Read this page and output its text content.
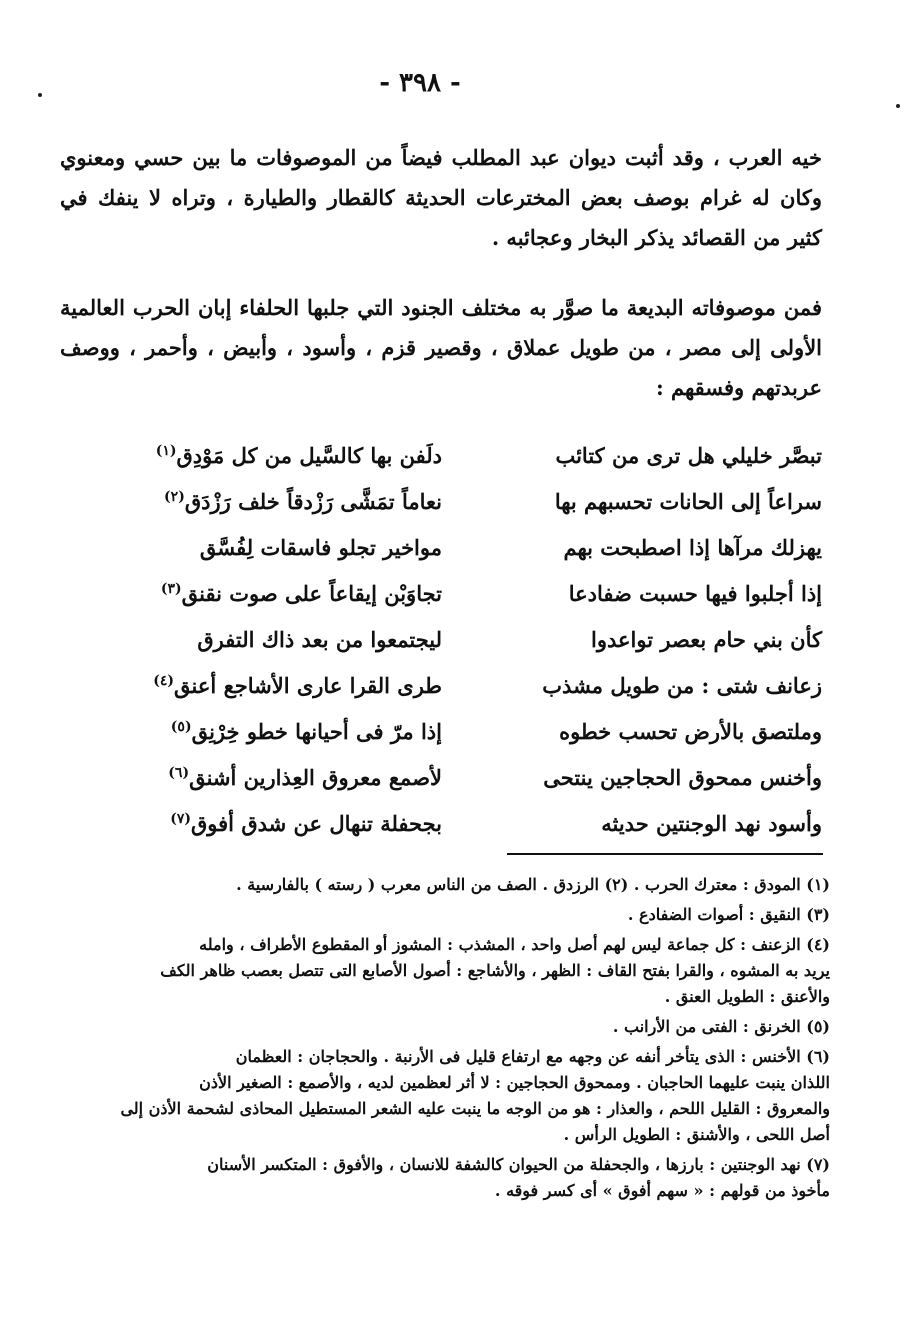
- ٣٩٨ -
خيه العرب ، وقد أثبت ديوان عبد المطلب فيضاً من الموصوفات ما بين حسي ومعنوي وكان له غرام بوصف بعض المخترعات الحديثة كالقطار والطيارة ، وتراه لا ينفك في كثير من القصائد يذكر البخار وعجائبه .
فمن موصوفاته البديعة ما صوَّر به مختلف الجنود التي جلبها الحلفاء إبان الحرب العالمية الأولى إلى مصر ، من طويل عملاق ، وقصير قزم ، وأسود ، وأبيض ، وأحمر ، ووصف عربدتهم وفسقهم :
تبصَّر خليلي هل ترى من كتائب
دلَفن بها كالسَّيل من كل مَوْدِق$^{(١)}$
سراعاً إلى الحانات تحسبهم بها
نعاماً تمَشَّى رَزْدقاً خلف رَزْدَق$^{(٢)}$
يهزلك مرآها إذا اصطبحت بهم
مواخير تجلو فاسقات لِفُسَّق
إذا أجلبوا فيها حسبت ضفادعا
تجاوَبْن إيقاعاً على صوت نقنق$^{(٣)}$
كأن بني حام بعصر تواعدوا
ليجتمعوا من بعد ذاك التفرق
زعانف شتى : من طويل مشذب
طرى القرا عارى الأشاجع أعنق$^{(٤)}$
وملتصق بالأرض تحسب خطوه
إذا مرّ فى أحيانها خطو خِرْنِق$^{(٥)}$
وأخنس ممحوق الحجاجين ينتحى
لأصمع معروق العِذارين أشنق$^{(٦)}$
وأسود نهد الوجنتين حديثه
بجحفلة تنهال عن شدق أفوق$^{(٧)}$
(١) المودق : معترك الحرب . (٢) الرزدق . الصف من الناس معرب ( رسته ) بالفارسية .
(٣) النقيق : أصوات الضفادع .
(٤) الزعنف : كل جماعة ليس لهم أصل واحد ، المشذب : المشوز أو المقطوع الأطراف ، وامله
يريد به المشوه ، والقرا بفتح القاف : الظهر ، والأشاجع : أصول الأصابع التى تتصل بعصب ظاهر الكف
والأعنق : الطويل العنق .
(٥) الخرنق : الفتى من الأرانب .
(٦) الأخنس : الذى يتأخر أنفه عن وجهه مع ارتفاع قليل فى الأرنبة . والحجاجان : العظمان
اللذان ينبت عليهما الحاجبان . وممحوق الحجاجين : لا أثر لعظمين لديه ، والأصمع : الصغير الأذن
والمعروق : القليل اللحم ، والعذار : هو من الوجه ما ينبت عليه الشعر المستطيل المحاذى لشحمة الأذن إلى
أصل اللحى ، والأشنق : الطويل الرأس .
(٧) نهد الوجنتين : بارزها ، والجحفلة من الحيوان كالشفة للانسان ، والأفوق : المتكسر الأسنان
مأخوذ من قولهم : « سهم أفوق » أى كسر فوقه .
